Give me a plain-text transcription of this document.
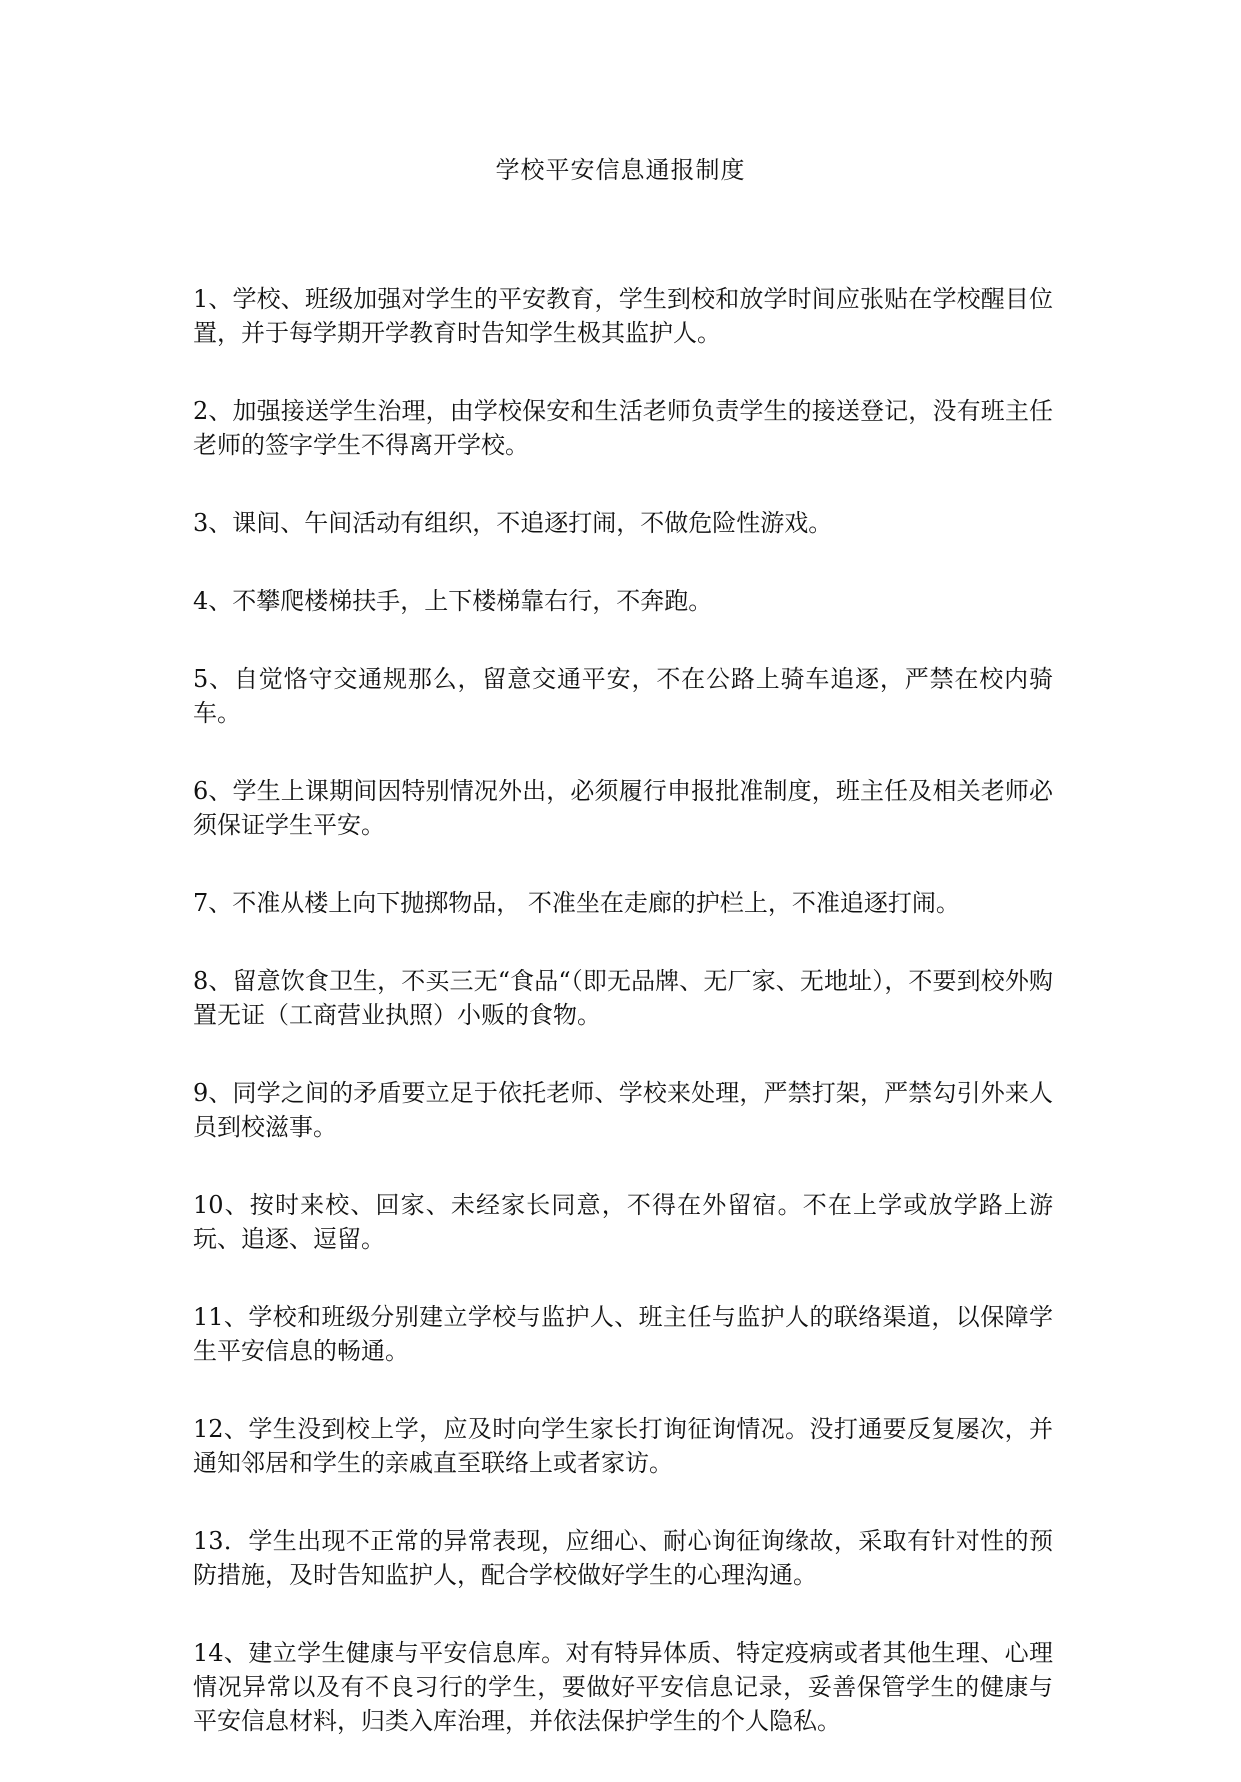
学校平安信息通报制度

1、学校、班级加强对学生的平安教育，学生到校和放学时间应张贴在学校醒目位置，并于每学期开学教育时告知学生极其监护人。

2、加强接送学生治理，由学校保安和生活老师负责学生的接送登记，没有班主任老师的签字学生不得离开学校。

3、课间、午间活动有组织，不追逐打闹，不做危险性游戏。

4、不攀爬楼梯扶手，上下楼梯靠右行，不奔跑。

5、自觉恪守交通规那么，留意交通平安，不在公路上骑车追逐，严禁在校内骑车。

6、学生上课期间因特别情况外出，必须履行申报批准制度，班主任及相关老师必须保证学生平安。

7、不准从楼上向下抛掷物品， 不准坐在走廊的护栏上，不准追逐打闹。

8、留意饮食卫生，不买三无“食品“（即无品牌、无厂家、无地址），不要到校外购置无证（工商营业执照）小贩的食物。

9、同学之间的矛盾要立足于依托老师、学校来处理，严禁打架，严禁勾引外来人员到校滋事。

10、按时来校、回家、未经家长同意，不得在外留宿。不在上学或放学路上游玩、追逐、逗留。

11、学校和班级分别建立学校与监护人、班主任与监护人的联络渠道，以保障学生平安信息的畅通。

12、学生没到校上学，应及时向学生家长打询征询情况。没打通要反复屡次，并通知邻居和学生的亲戚直至联络上或者家访。

13．学生出现不正常的异常表现，应细心、耐心询征询缘故，采取有针对性的预防措施，及时告知监护人，配合学校做好学生的心理沟通。

14、建立学生健康与平安信息库。对有特异体质、特定疫病或者其他生理、心理情况异常以及有不良习行的学生，要做好平安信息记录，妥善保管学生的健康与平安信息材料，归类入库治理，并依法保护学生的个人隐私。
